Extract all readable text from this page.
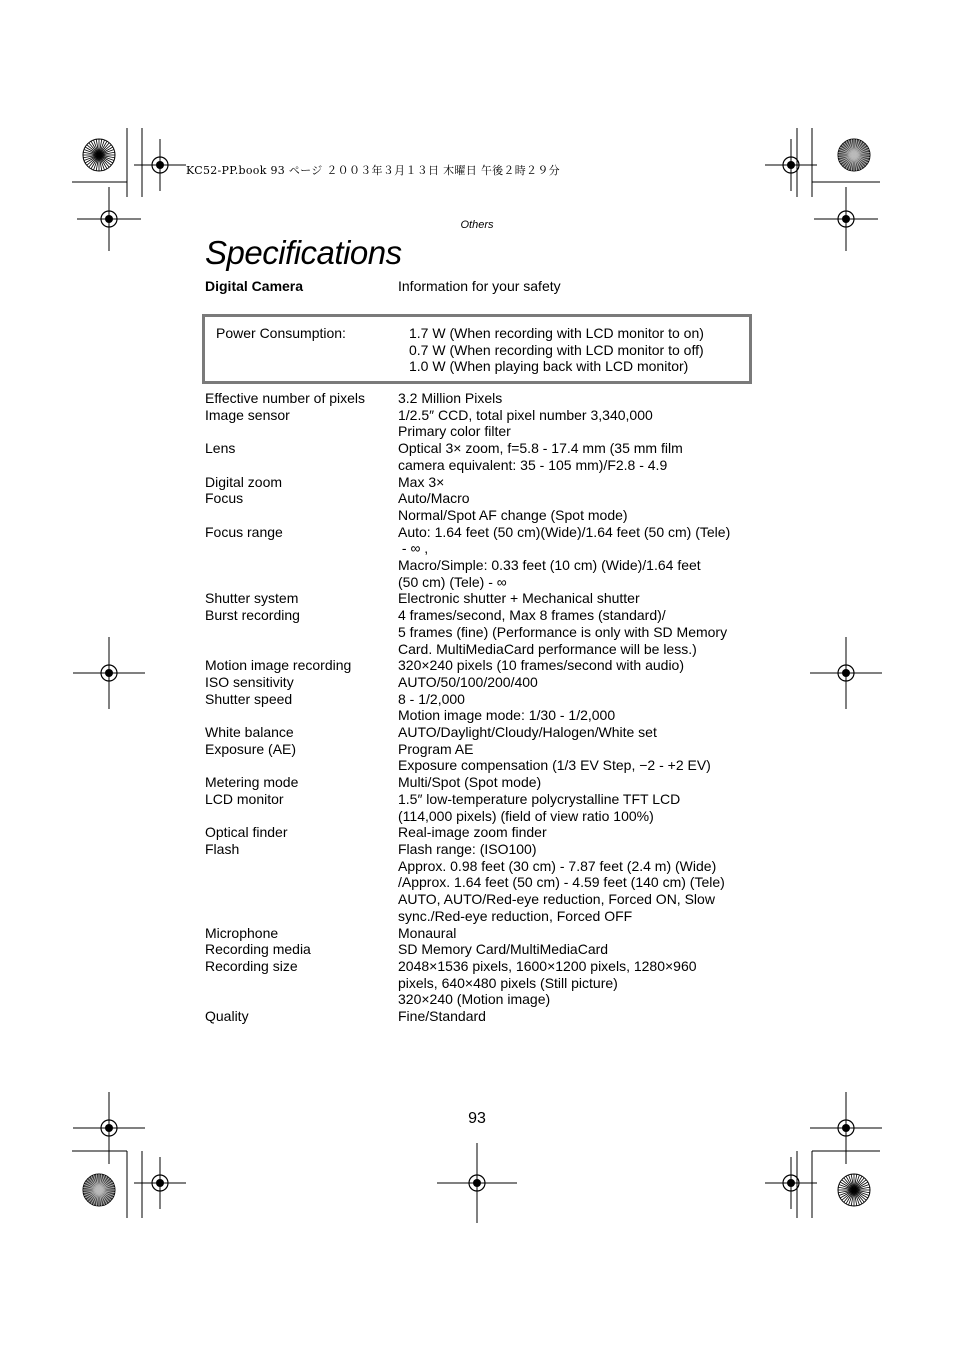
KC52-PP.book 93 ページ ２００３年３月１３日 木曜日 午後２時２９分
Others
Specifications
Digital Camera	Information for your safety
Power Consumption:	1.7 W (When recording with LCD monitor to on)
0.7 W (When recording with LCD monitor to off)
1.0 W (When playing back with LCD monitor)
Effective number of pixels	3.2 Million Pixels
Image sensor	1/2.5″ CCD, total pixel number 3,340,000
Primary color filter
Lens	Optical 3× zoom, f=5.8 - 17.4 mm (35 mm film
camera equivalent: 35 - 105 mm)/F2.8 - 4.9
Digital zoom	Max 3×
Focus	Auto/Macro
Normal/Spot AF change (Spot mode)
Focus range	Auto: 1.64 feet (50 cm)(Wide)/1.64 feet (50 cm) (Tele)
- ∞ ,
Macro/Simple: 0.33 feet (10 cm) (Wide)/1.64 feet
(50 cm) (Tele) - ∞
Shutter system	Electronic shutter + Mechanical shutter
Burst recording	4 frames/second, Max 8 frames (standard)/
5 frames (fine) (Performance is only with SD Memory
Card. MultiMediaCard performance will be less.)
Motion image recording	320×240 pixels (10 frames/second with audio)
ISO sensitivity	AUTO/50/100/200/400
Shutter speed	8 - 1/2,000
Motion image mode: 1/30 - 1/2,000
White balance	AUTO/Daylight/Cloudy/Halogen/White set
Exposure (AE)	Program AE
Exposure compensation (1/3 EV Step, −2 - +2 EV)
Metering mode	Multi/Spot (Spot mode)
LCD monitor	1.5″ low-temperature polycrystalline TFT LCD
(114,000 pixels) (field of view ratio 100%)
Optical finder	Real-image zoom finder
Flash	Flash range: (ISO100)
Approx. 0.98 feet (30 cm) - 7.87 feet (2.4 m) (Wide)
/Approx. 1.64 feet (50 cm) - 4.59 feet (140 cm) (Tele)
AUTO, AUTO/Red-eye reduction, Forced ON, Slow
sync./Red-eye reduction, Forced OFF
Microphone	Monaural
Recording media	SD Memory Card/MultiMediaCard
Recording size	2048×1536 pixels, 1600×1200 pixels, 1280×960
pixels, 640×480 pixels (Still picture)
320×240 (Motion image)
Quality	Fine/Standard
93
